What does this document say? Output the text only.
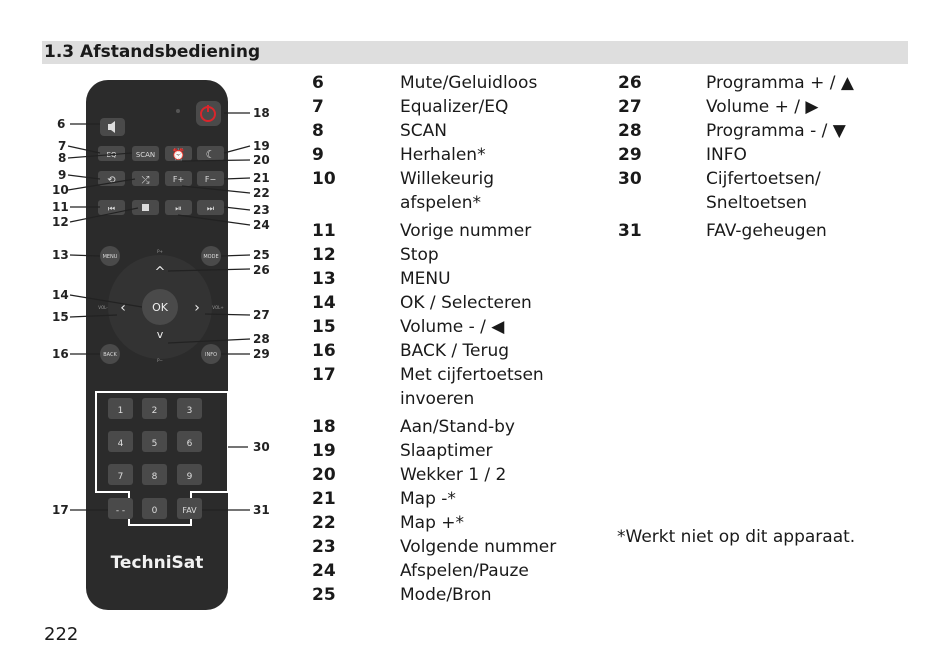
1.3 Afstandsbediening
EQ	SCAN ⏰ ☾
⟲	⤮	F+	F−
⏮	⏯	⏭
MENU	MODE
OK
^
v
‹	›
P+
P−
VOL-	VOL+
BACK	INFO
1	2	3
4	5	6
7	8	9
- -	0	FAV
TechniSat
6
18
7
8
19
20
9
10
21
22
11
12
23
24
13	25
26
14
27
15
28
16	29
30
17	31
6	Mute/Geluidloos
7	Equalizer/EQ
8	SCAN
9	Herhalen*
10	Willekeurig
afspelen*
11	Vorige nummer
12	Stop
13	MENU
14	OK / Selecteren
15	Volume - / ◀
16	BACK / Terug
17	Met cijfertoetsen
invoeren
18	Aan/Stand-by
19	Slaaptimer
20	Wekker 1 / 2
21	Map -*
22	Map +*
23	Volgende nummer
24	Afspelen/Pauze
25	Mode/Bron
26	Programma + / ▲
27	Volume + / ▶
28	Programma - / ▼
29	INFO
30	Cijfertoetsen/
Sneltoetsen
31	FAV-geheugen
*Werkt niet op dit apparaat.
222
